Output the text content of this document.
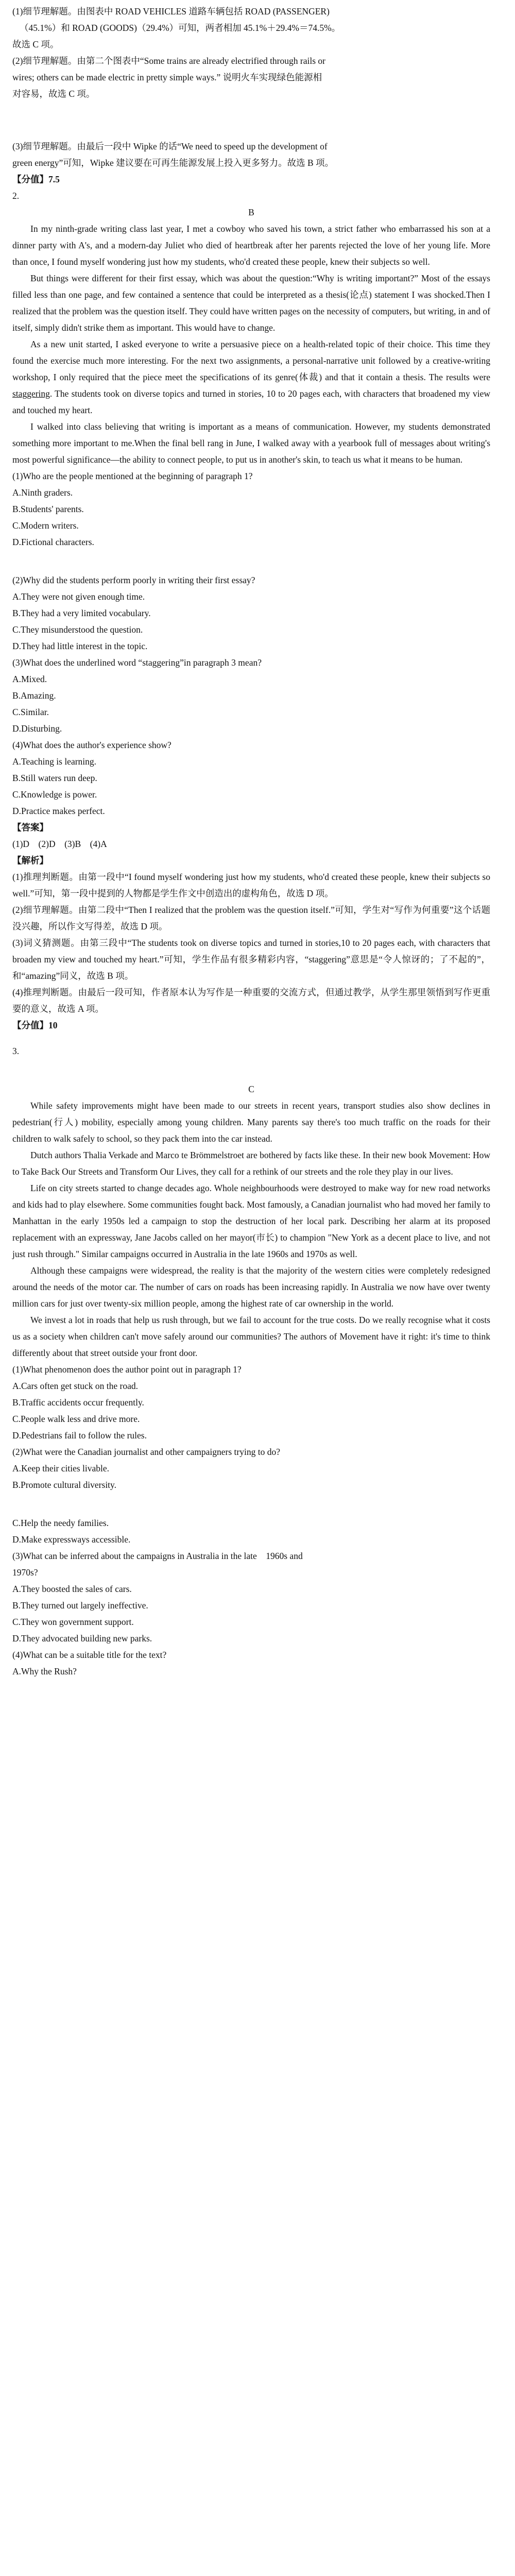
(1)细节理解题。由图表中 ROAD VEHICLES 道路车辆包括 ROAD (PASSENGER)

（45.1%）和 ROAD (GOODS)（29.4%）可知，两者相加 45.1%＋29.4%＝74.5%。

故选 C 项。

(2)细节理解题。由第二个图表中“Some trains are already electrified through rails or

wires; others can be made electric in pretty simple ways.” 说明火车实现绿色能源相

对容易，故选 C 项。

(3)细节理解题。由最后一段中 Wipke 的话“We need to speed up the development of

green energy”可知，Wipke 建议要在可再生能源发展上投入更多努力。故选 B 项。

【分值】7.5

2.

B

In my ninth-grade writing class last year, I met a cowboy who saved his town, a strict father who embarrassed his son at a dinner party with A's, and a modern-day Juliet who died of heartbreak after her parents rejected the love of her young life. More than once, I found myself wondering just how my students, who'd created these people, knew their subjects so well.

But things were different for their first essay, which was about the question:“Why is writing important?” Most of the essays filled less than one page, and few contained a sentence that could be interpreted as a thesis(论点) statement I was shocked.Then I realized that the problem was the question itself. They could have written pages on the necessity of computers, but writing, in and of itself, simply didn't strike them as important. This would have to change.

As a new unit started, I asked everyone to write a persuasive piece on a health-related topic of their choice. This time they found the exercise much more interesting. For the next two assignments, a personal-narrative unit followed by a creative-writing workshop, I only required that the piece meet the specifications of its genre(体裁) and that it contain a thesis. The results were staggering. The students took on diverse topics and turned in stories, 10 to 20 pages each, with characters that broadened my view and touched my heart.

I walked into class believing that writing is important as a means of communication. However, my students demonstrated something more important to me.When the final bell rang in June, I walked away with a yearbook full of messages about writing's most powerful significance—the ability to connect people, to put us in another's skin, to teach us what it means to be human.

(1)Who are the people mentioned at the beginning of paragraph 1?

A.Ninth graders.

B.Students' parents.

C.Modern writers.

D.Fictional characters.

(2)Why did the students perform poorly in writing their first essay?

A.They were not given enough time.

B.They had a very limited vocabulary.

C.They misunderstood the question.

D.They had little interest in the topic.

(3)What does the underlined word “staggering”in paragraph 3 mean?

A.Mixed.

B.Amazing.

C.Similar.

D.Disturbing.

(4)What does the author's experience show?

A.Teaching is learning.

B.Still waters run deep.

C.Knowledge is power.

D.Practice makes perfect.

【答案】

(1)D　(2)D　(3)B　(4)A

【解析】

(1)推理判断题。由第一段中“I found myself wondering just how my students, who'd created these people, knew their subjects so well.”可知，第一段中提到的人物都是学生作文中创造出的虚构角色，故选 D 项。

(2)细节理解题。由第二段中“Then I realized that the problem was the question itself.”可知，学生对“写作为何重要”这个话题没兴趣，所以作文写得差，故选 D 项。

(3)词义猜测题。由第三段中“The students took on diverse topics and turned in stories,10 to 20 pages each, with characters that broaden my view and touched my heart.”可知，学生作品有很多精彩内容，“staggering”意思是“令人惊讶的；了不起的”，和“amazing”同义，故选 B 项。

(4)推理判断题。由最后一段可知，作者原本认为写作是一种重要的交流方式，但通过教学，从学生那里领悟到写作更重要的意义，故选 A 项。

【分值】10

3.

C

While safety improvements might have been made to our streets in recent years, transport studies also show declines in pedestrian(行人) mobility, especially among young children. Many parents say there's too much traffic on the roads for their children to walk safely to school, so they pack them into the car instead.

Dutch authors Thalia Verkade and Marco te Brömmelstroet are bothered by facts like these. In their new book Movement: How to Take Back Our Streets and Transform Our Lives, they call for a rethink of our streets and the role they play in our lives.

Life on city streets started to change decades ago. Whole neighbourhoods were destroyed to make way for new road networks and kids had to play elsewhere. Some communities fought back. Most famously, a Canadian journalist who had moved her family to Manhattan in the early 1950s led a campaign to stop the destruction of her local park. Describing her alarm at its proposed replacement with an expressway, Jane Jacobs called on her mayor(市长) to champion "New York as a decent place to live, and not just rush through." Similar campaigns occurred in Australia in the late 1960s and 1970s as well.

Although these campaigns were widespread, the reality is that the majority of the western cities were completely redesigned around the needs of the motor car. The number of cars on roads has been increasing rapidly. In Australia we now have over twenty million cars for just over twenty-six million people, among the highest rate of car ownership in the world.

We invest a lot in roads that help us rush through, but we fail to account for the true costs. Do we really recognise what it costs us as a society when children can't move safely around our communities? The authors of Movement have it right: it's time to think differently about that street outside your front door.

(1)What phenomenon does the author point out in paragraph 1?

A.Cars often get stuck on the road.

B.Traffic accidents occur frequently.

C.People walk less and drive more.

D.Pedestrians fail to follow the rules.

(2)What were the Canadian journalist and other campaigners trying to do?

A.Keep their cities livable.

B.Promote cultural diversity.

C.Help the needy families.

D.Make expressways accessible.

(3)What can be inferred about the campaigns in Australia in the late　1960s and

1970s?

A.They boosted the sales of cars.

B.They turned out largely ineffective.

C.They won government support.

D.They advocated building new parks.

(4)What can be a suitable title for the text?

A.Why the Rush?
